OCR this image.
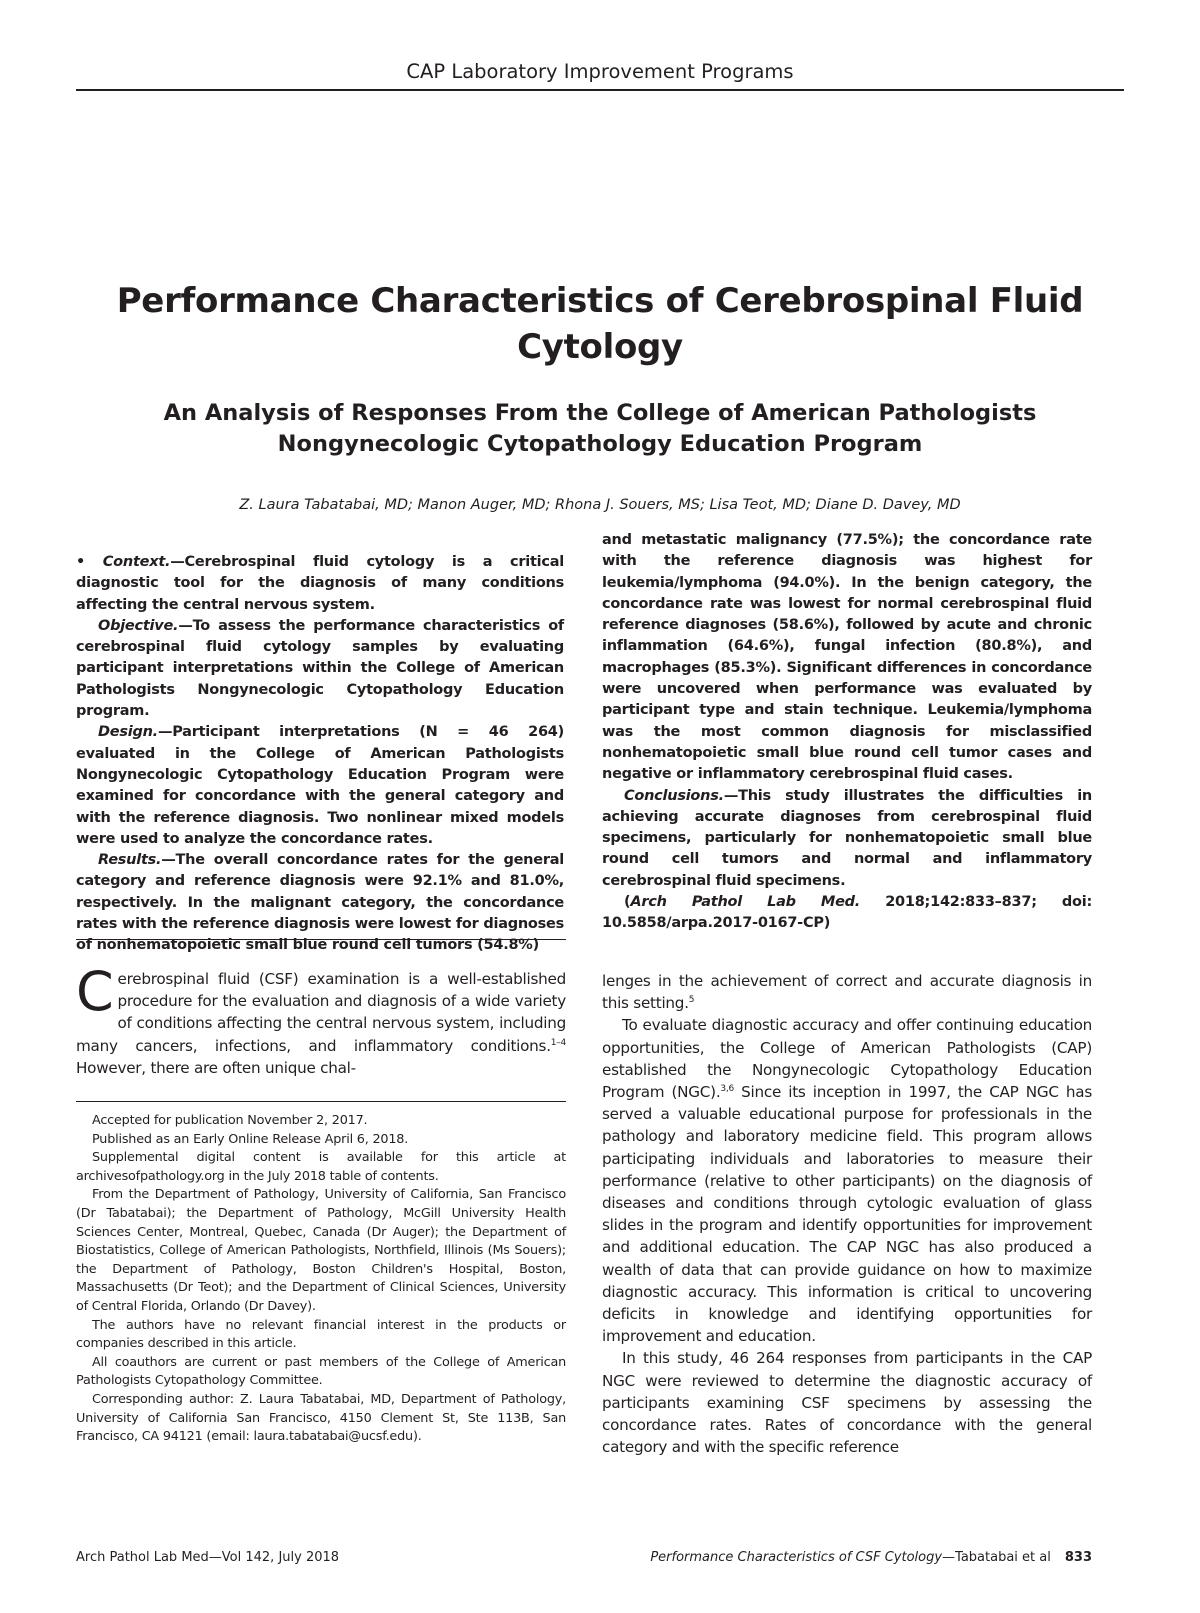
CAP Laboratory Improvement Programs
Performance Characteristics of Cerebrospinal Fluid Cytology
An Analysis of Responses From the College of American Pathologists
Nongynecologic Cytopathology Education Program
Z. Laura Tabatabai, MD; Manon Auger, MD; Rhona J. Souers, MS; Lisa Teot, MD; Diane D. Davey, MD

• Context.—Cerebrospinal fluid cytology is a critical diagnostic tool for the diagnosis of many conditions affecting the central nervous system.

Objective.—To assess the performance characteristics of cerebrospinal fluid cytology samples by evaluating participant interpretations within the College of American Pathologists Nongynecologic Cytopathology Education program.

Design.—Participant interpretations (N = 46 264) evaluated in the College of American Pathologists Nongynecologic Cytopathology Education Program were examined for concordance with the general category and with the reference diagnosis. Two nonlinear mixed models were used to analyze the concordance rates.

Results.—The overall concordance rates for the general category and reference diagnosis were 92.1% and 81.0%, respectively. In the malignant category, the concordance rates with the reference diagnosis were lowest for diagnoses of nonhematopoietic small blue round cell tumors (54.8%)

and metastatic malignancy (77.5%); the concordance rate with the reference diagnosis was highest for leukemia/lymphoma (94.0%). In the benign category, the concordance rate was lowest for normal cerebrospinal fluid reference diagnoses (58.6%), followed by acute and chronic inflammation (64.6%), fungal infection (80.8%), and macrophages (85.3%). Significant differences in concordance were uncovered when performance was evaluated by participant type and stain technique. Leukemia/lymphoma was the most common diagnosis for misclassified nonhematopoietic small blue round cell tumor cases and negative or inflammatory cerebrospinal fluid cases.

Conclusions.—This study illustrates the difficulties in achieving accurate diagnoses from cerebrospinal fluid specimens, particularly for nonhematopoietic small blue round cell tumors and normal and inflammatory cerebrospinal fluid specimens.

(Arch Pathol Lab Med. 2018;142:833–837; doi: 10.5858/arpa.2017-0167-CP)

Cerebrospinal fluid (CSF) examination is a well-established procedure for the evaluation and diagnosis of a wide variety of conditions affecting the central nervous system, including many cancers, infections, and inflammatory conditions.$^{1-4}$ However, there are often unique chal-

Accepted for publication November 2, 2017.

Published as an Early Online Release April 6, 2018.

Supplemental digital content is available for this article at archivesofpathology.org in the July 2018 table of contents.

From the Department of Pathology, University of California, San Francisco (Dr Tabatabai); the Department of Pathology, McGill University Health Sciences Center, Montreal, Quebec, Canada (Dr Auger); the Department of Biostatistics, College of American Pathologists, Northfield, Illinois (Ms Souers); the Department of Pathology, Boston Children's Hospital, Boston, Massachusetts (Dr Teot); and the Department of Clinical Sciences, University of Central Florida, Orlando (Dr Davey).

The authors have no relevant financial interest in the products or companies described in this article.

All coauthors are current or past members of the College of American Pathologists Cytopathology Committee.

Corresponding author: Z. Laura Tabatabai, MD, Department of Pathology, University of California San Francisco, 4150 Clement St, Ste 113B, San Francisco, CA 94121 (email: laura.tabatabai@ucsf.edu).

lenges in the achievement of correct and accurate diagnosis in this setting.$^5$

To evaluate diagnostic accuracy and offer continuing education opportunities, the College of American Pathologists (CAP) established the Nongynecologic Cytopathology Education Program (NGC).$^{3,6}$ Since its inception in 1997, the CAP NGC has served a valuable educational purpose for professionals in the pathology and laboratory medicine field. This program allows participating individuals and laboratories to measure their performance (relative to other participants) on the diagnosis of diseases and conditions through cytologic evaluation of glass slides in the program and identify opportunities for improvement and additional education. The CAP NGC has also produced a wealth of data that can provide guidance on how to maximize diagnostic accuracy. This information is critical to uncovering deficits in knowledge and identifying opportunities for improvement and education.

In this study, 46 264 responses from participants in the CAP NGC were reviewed to determine the diagnostic accuracy of participants examining CSF specimens by assessing the concordance rates. Rates of concordance with the general category and with the specific reference

Arch Pathol Lab Med—Vol 142, July 2018	Performance Characteristics of CSF Cytology—Tabatabai et al 833
